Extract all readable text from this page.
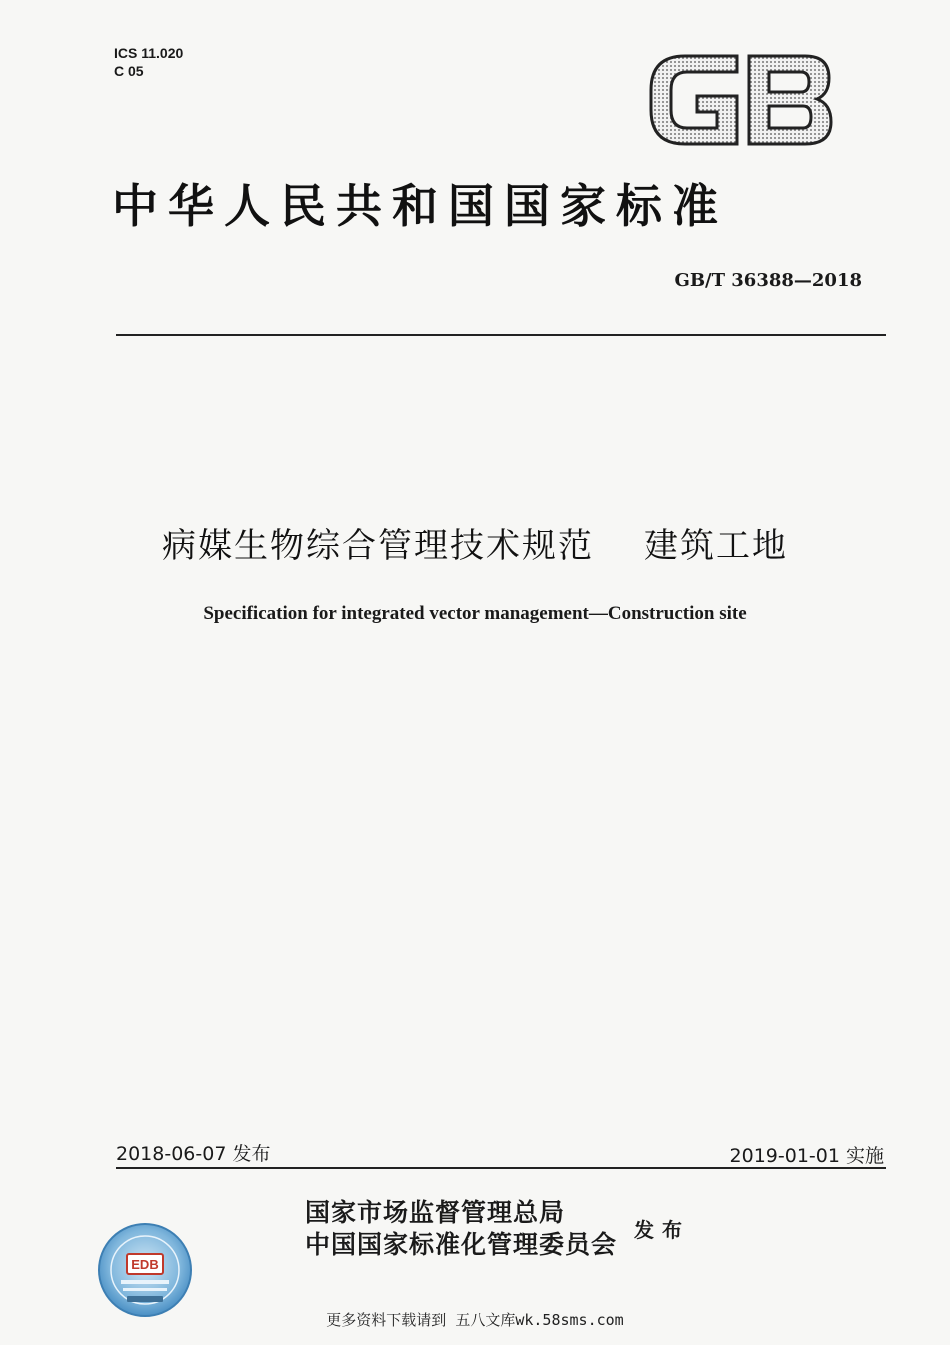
ICS 11.020
C 05
中华人民共和国国家标准
GB/T 36388—2018
病媒生物综合管理技术规范 建筑工地
Specification for integrated vector management—Construction site
2018-06-07 发布	2019-01-01 实施
国家市场监督管理总局
中国国家标准化管理委员会 发布
EDB
更多资料下载请到 五八文库wk.58sms.com
